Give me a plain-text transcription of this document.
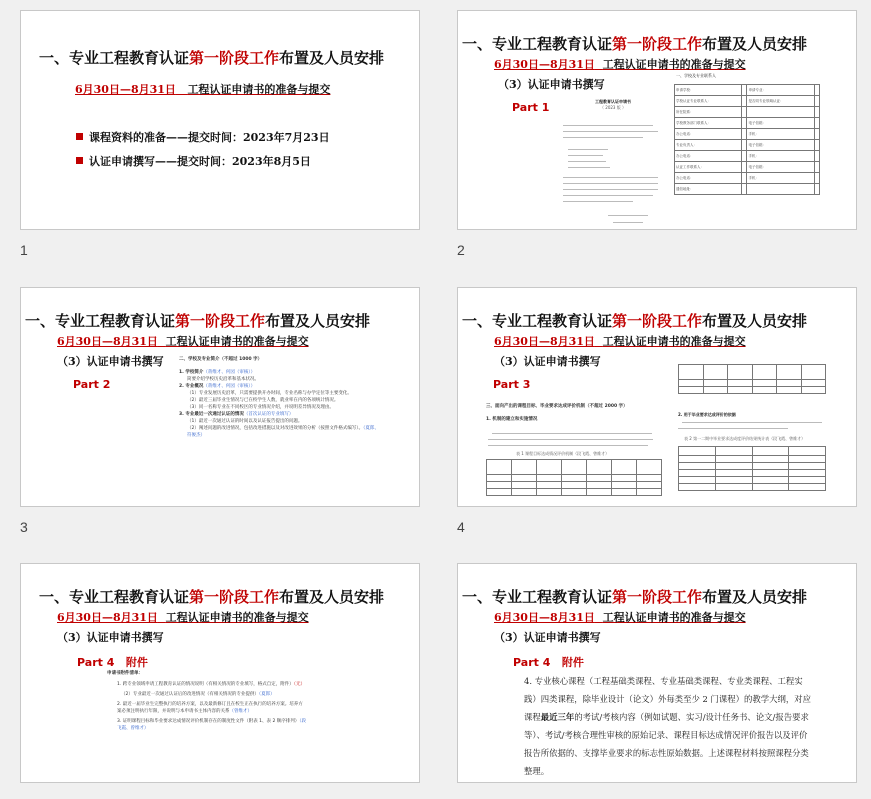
一、专业工程教育认证第一阶段工作布置及人员安排
6月30日—8月31日 工程认证申请书的准备与提交
课程资料的准备——提交时间：2023年7月23日
认证申请撰写——提交时间：2023年8月5日
1
一、专业工程教育认证第一阶段工作布置及人员安排
6月30日—8月31日 工程认证申请书的准备与提交
（3）认证申请书撰写
Part 1	工程教育认证申请书
（ 2023 版 ）
一、学校及专业联系人
申请学校：		申请专业：	
学校认证专业联系人：		是否同专业领域认证：	
所在院系：			
学校教务部门联系人：		电子信箱：	
办公电话：		手机：	
专业负责人：		电子信箱：	
办公电话：		手机：	
认证工作联系人：		电子信箱：	
办公电话：		手机：	
通信地址：			
2
一、专业工程教育认证第一阶段工作布置及人员安排
6月30日—8月31日 工程认证申请书的准备与提交
（3）认证申请书撰写
Part 2
二、学校及专业简介（不超过 1000 字）
1. 学校简介（蒋维才、何园（审核））
简要介绍学校历史沿革和基本状况。
2. 专业概况（蒋维才、何园（审核））
（1）专业发展历史沿革，只需要提供开办时间，专业名称与办学定位等主要变化。
（2）最近三届毕业生情况与已在校学生人数，就业率在内的各项统计情况。
（3）同一名称专业在不同校区的专业情况介绍，并说明差异情况及理由。
3. 专业最近一次通过认证的情况（首次认证的专业填写）
（1）最近一次通过认证的时间以及认证报告提出的问题。
（2）阐述问题的改进情况，包括改进措施以及对改进效果的分析（按照文件格式编写）。（夏郎、符俊杰）
3
一、专业工程教育认证第一阶段工作布置及人员安排
6月30日—8月31日 工程认证申请书的准备与提交
（3）认证申请书撰写
Part 3
三、面向产出的课程目标、毕业要求达成评价机制（不超过 2000 字）
1. 机制的建立和实施情况
表 1 课程目标达成情况评价机制（段飞霞、曾维才）

2. 用于毕业要求达成评价的依据
表 2 第一二期中毕业要求达成度评价结果统计表（段飞霞、曾维才）

4
一、专业工程教育认证第一阶段工作布置及人员安排
6月30日—8月31日 工程认证申请书的准备与提交
（3）认证申请书撰写
Part 4 附件
申请书附件清单：
1. 跨专业领域申请工程教育认证的情况说明（有相关情况的专业填写，格式自定，附件）（无）
（2）专业最近一次通过认证后的改进情况（有相关情况的专业提供）（夏郎）
2. 最近一届毕业生完整执行的培养方案，以及最新修订且在校生正在执行的培养方案。培养方案必须注明执行年限，并说明与本申请书主体内容的关系（曾维才）
3. 证明课程目标和毕业要求达成情况评价机制存在的制度性文件（附表 1、表 2 顺序排列）（段飞霞、曾维才）
一、专业工程教育认证第一阶段工作布置及人员安排
6月30日—8月31日 工程认证申请书的准备与提交
（3）认证申请书撰写
Part 4 附件
4. 专业核心课程（工程基础类课程、专业基础类课程、专业类课程、工程实践）四类课程，除毕业设计（论文）外每类至少 2 门课程）的教学大纲，对应课程最近三年的考试/考核内容（例如试题、实习/设计任务书、论文/报告要求等）、考试/考核合理性审核的原始记录、课程目标达成情况评价报告以及评价报告所依据的、支撑毕业要求的标志性原始数据。上述课程材料按照课程分类整理。
